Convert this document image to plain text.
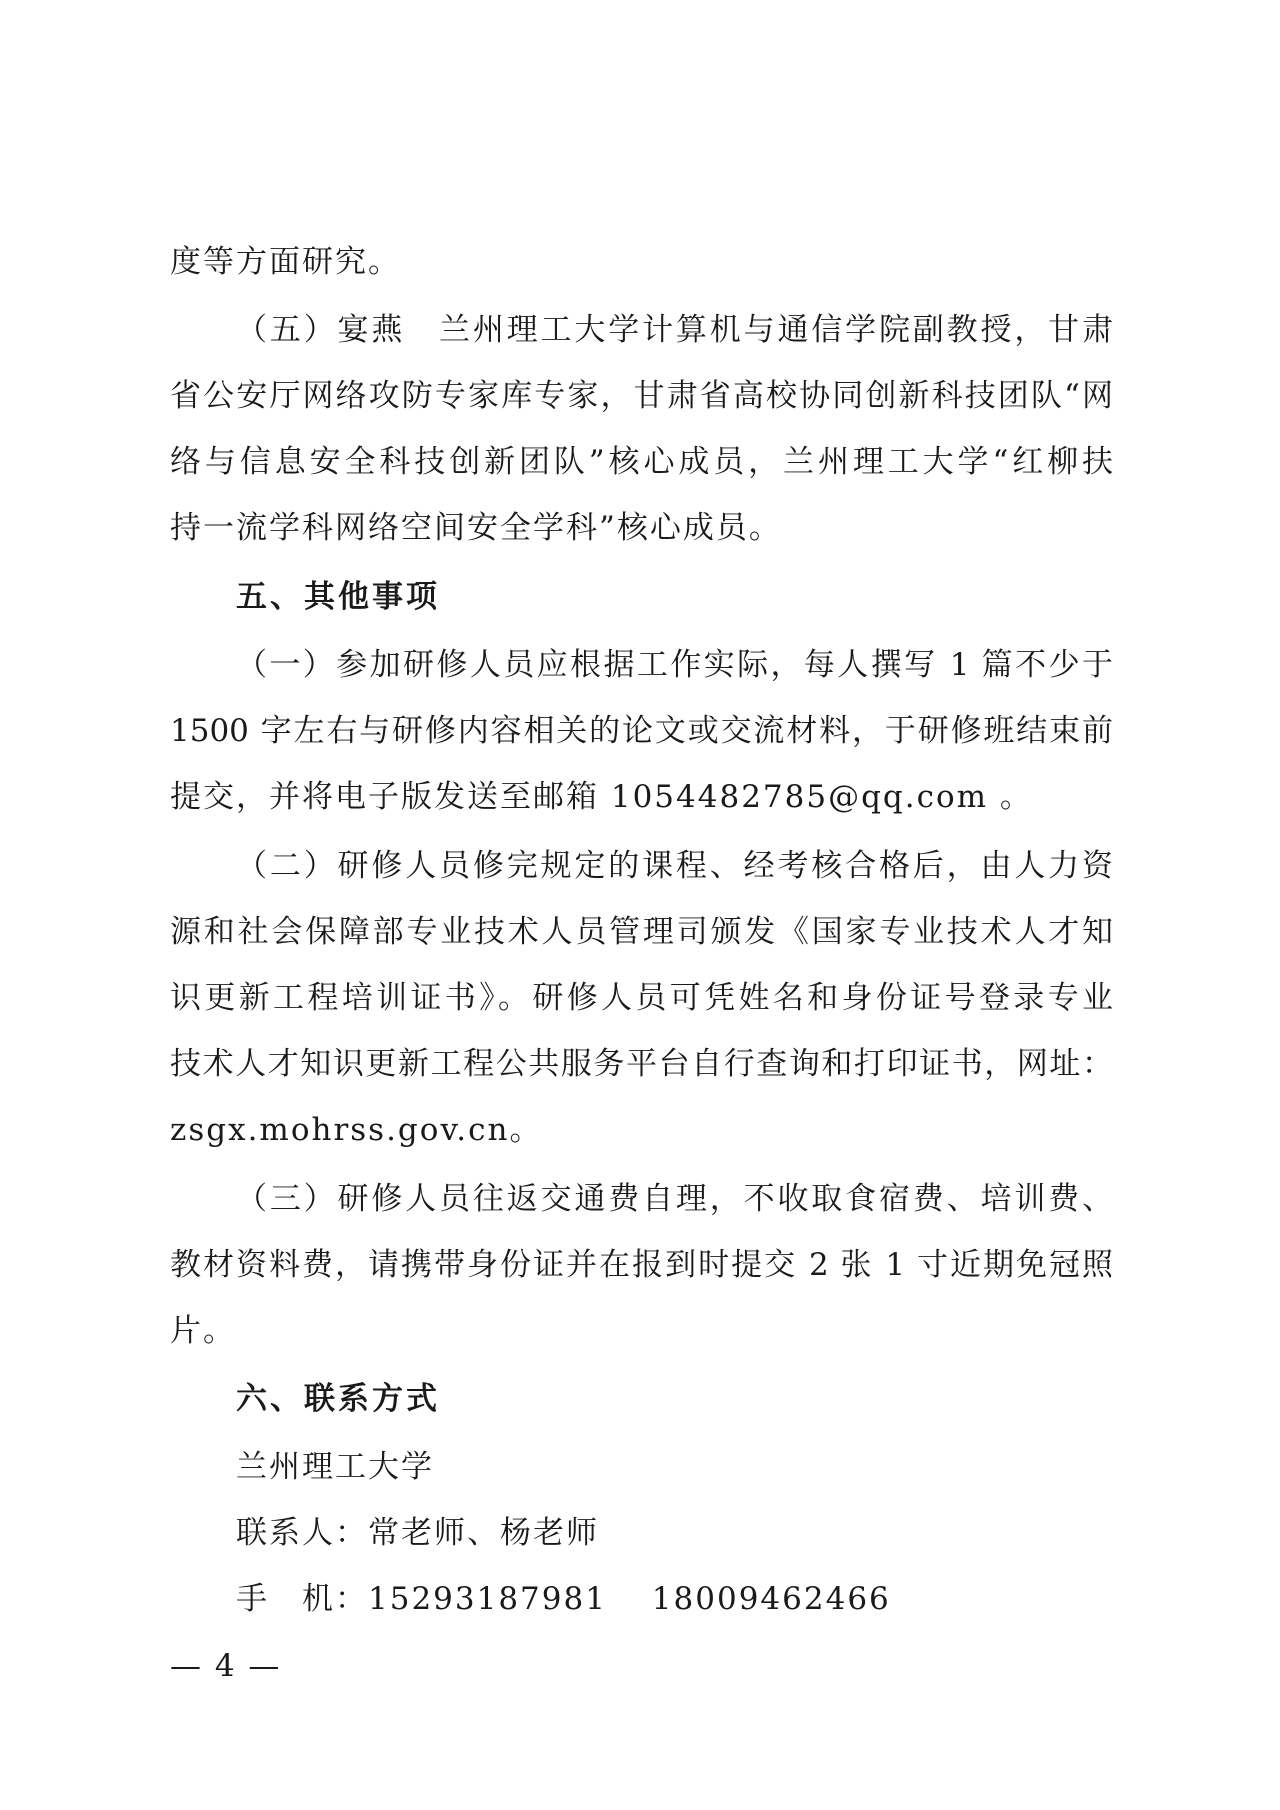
度等方面研究。
（五）宴燕　兰州理工大学计算机与通信学院副教授，甘肃
省公安厅网络攻防专家库专家，甘肃省高校协同创新科技团队“网
络与信息安全科技创新团队”核心成员，兰州理工大学“红柳扶
持一流学科网络空间安全学科”核心成员。
五、其他事项
（一）参加研修人员应根据工作实际，每人撰写 1 篇不少于
1500 字左右与研修内容相关的论文或交流材料，于研修班结束前
提交，并将电子版发送至邮箱 1054482785@qq.com 。
（二）研修人员修完规定的课程、经考核合格后，由人力资
源和社会保障部专业技术人员管理司颁发《国家专业技术人才知
识更新工程培训证书》。研修人员可凭姓名和身份证号登录专业
技术人才知识更新工程公共服务平台自行查询和打印证书，网址：
zsgx.mohrss.gov.cn。
（三）研修人员往返交通费自理，不收取食宿费、培训费、
教材资料费，请携带身份证并在报到时提交 2 张 1 寸近期免冠照
片。
六、联系方式
兰州理工大学
联系人：常老师、杨老师
手　机：15293187981　 18009462466
— 4 —
